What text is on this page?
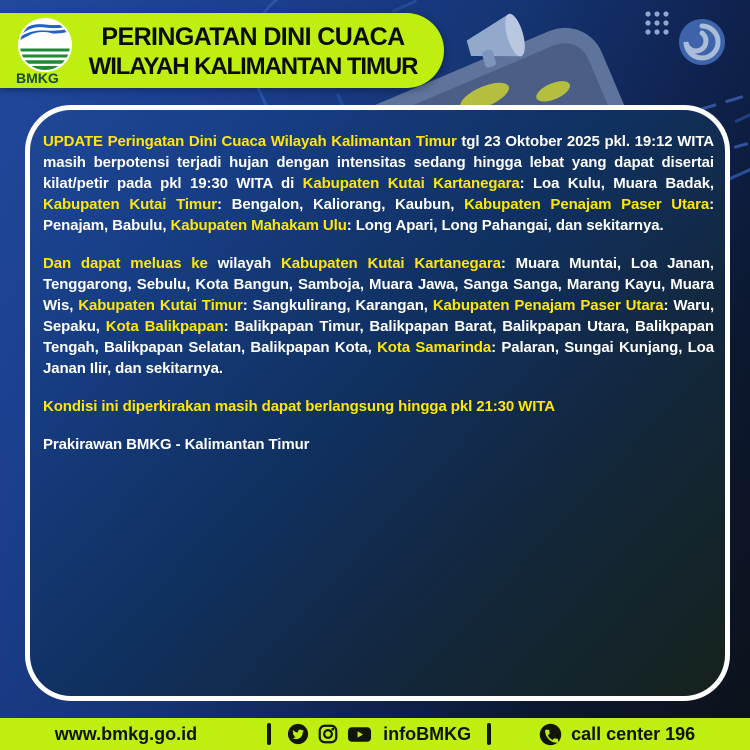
BMKG
PERINGATAN DINI CUACA
WILAYAH KALIMANTAN TIMUR

UPDATE Peringatan Dini Cuaca Wilayah Kalimantan Timur tgl 23 Oktober 2025 pkl. 19:12 WITA masih berpotensi terjadi hujan dengan intensitas sedang hingga lebat yang dapat disertai kilat/petir pada pkl 19:30 WITA di Kabupaten Kutai Kartanegara: Loa Kulu, Muara Badak, Kabupaten Kutai Timur: Bengalon, Kaliorang, Kaubun, Kabupaten Penajam Paser Utara: Penajam, Babulu, Kabupaten Mahakam Ulu: Long Apari, Long Pahangai, dan sekitarnya.

Dan dapat meluas ke wilayah Kabupaten Kutai Kartanegara: Muara Muntai, Loa Janan, Tenggarong, Sebulu, Kota Bangun, Samboja, Muara Jawa, Sanga Sanga, Marang Kayu, Muara Wis, Kabupaten Kutai Timur: Sangkulirang, Karangan, Kabupaten Penajam Paser Utara: Waru, Sepaku, Kota Balikpapan: Balikpapan Timur, Balikpapan Barat, Balikpapan Utara, Balikpapan Tengah, Balikpapan Selatan, Balikpapan Kota, Kota Samarinda: Palaran, Sungai Kunjang, Loa Janan Ilir, dan sekitarnya.

Kondisi ini diperkirakan masih dapat berlangsung hingga pkl 21:30 WITA

Prakirawan BMKG - Kalimantan Timur

www.bmkg.go.id	infoBMKG	call center 196
